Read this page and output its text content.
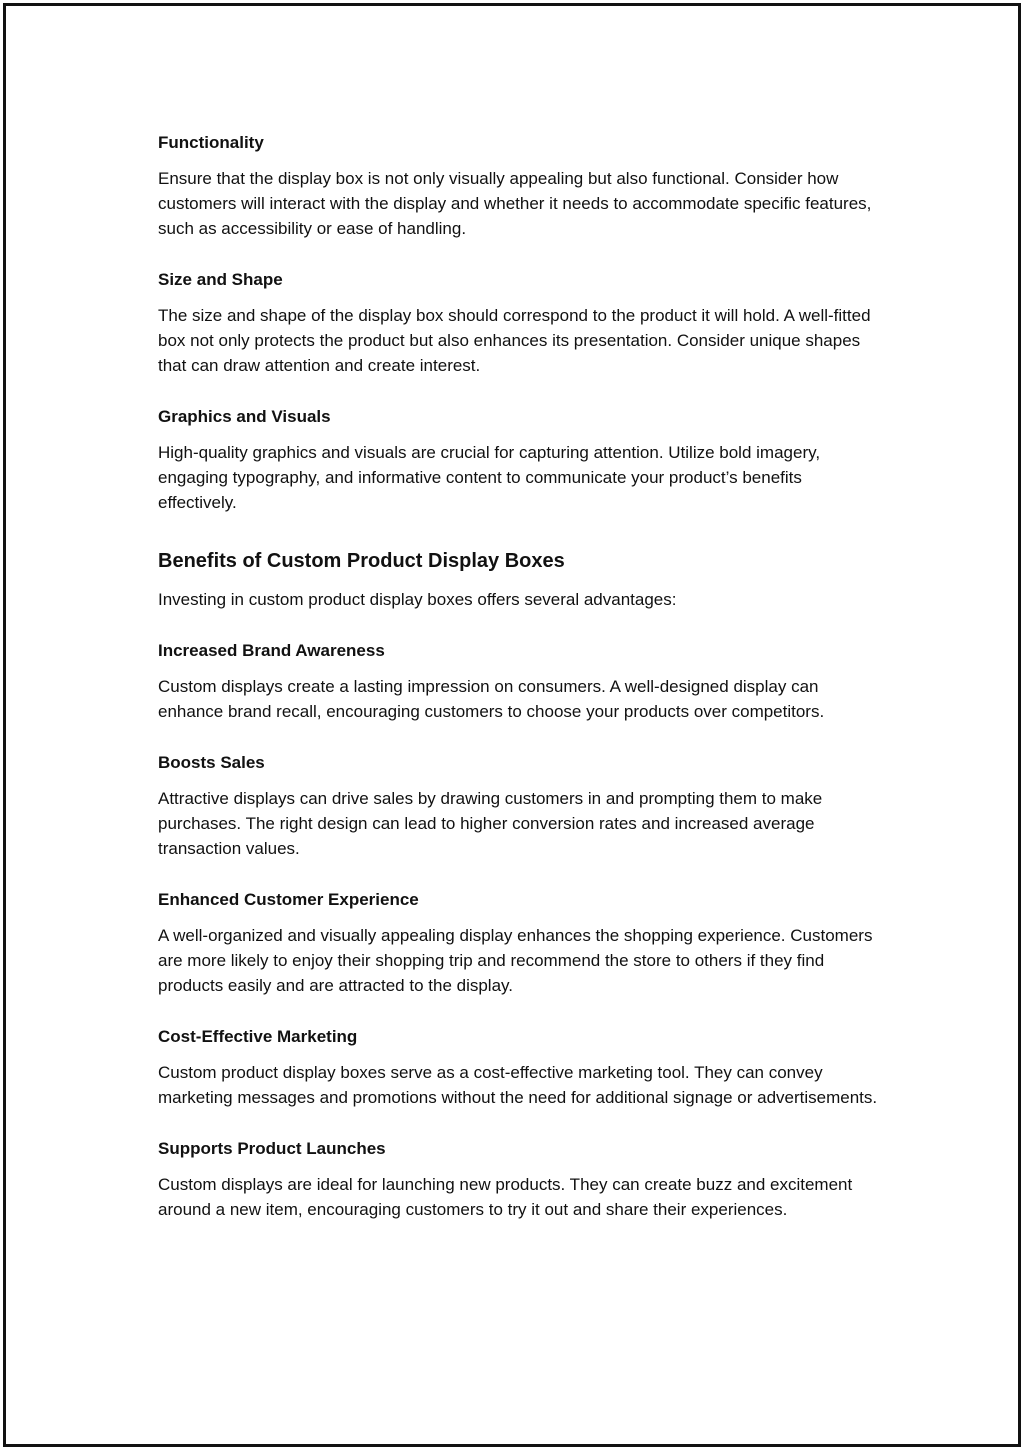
Functionality

Ensure that the display box is not only visually appealing but also functional. Consider how customers will interact with the display and whether it needs to accommodate specific features, such as accessibility or ease of handling.

Size and Shape

The size and shape of the display box should correspond to the product it will hold. A well-fitted box not only protects the product but also enhances its presentation. Consider unique shapes that can draw attention and create interest.

Graphics and Visuals

High-quality graphics and visuals are crucial for capturing attention. Utilize bold imagery, engaging typography, and informative content to communicate your product’s benefits effectively.

Benefits of Custom Product Display Boxes

Investing in custom product display boxes offers several advantages:

Increased Brand Awareness

Custom displays create a lasting impression on consumers. A well-designed display can enhance brand recall, encouraging customers to choose your products over competitors.

Boosts Sales

Attractive displays can drive sales by drawing customers in and prompting them to make purchases. The right design can lead to higher conversion rates and increased average transaction values.

Enhanced Customer Experience

A well-organized and visually appealing display enhances the shopping experience. Customers are more likely to enjoy their shopping trip and recommend the store to others if they find products easily and are attracted to the display.

Cost-Effective Marketing

Custom product display boxes serve as a cost-effective marketing tool. They can convey marketing messages and promotions without the need for additional signage or advertisements.

Supports Product Launches

Custom displays are ideal for launching new products. They can create buzz and excitement around a new item, encouraging customers to try it out and share their experiences.
